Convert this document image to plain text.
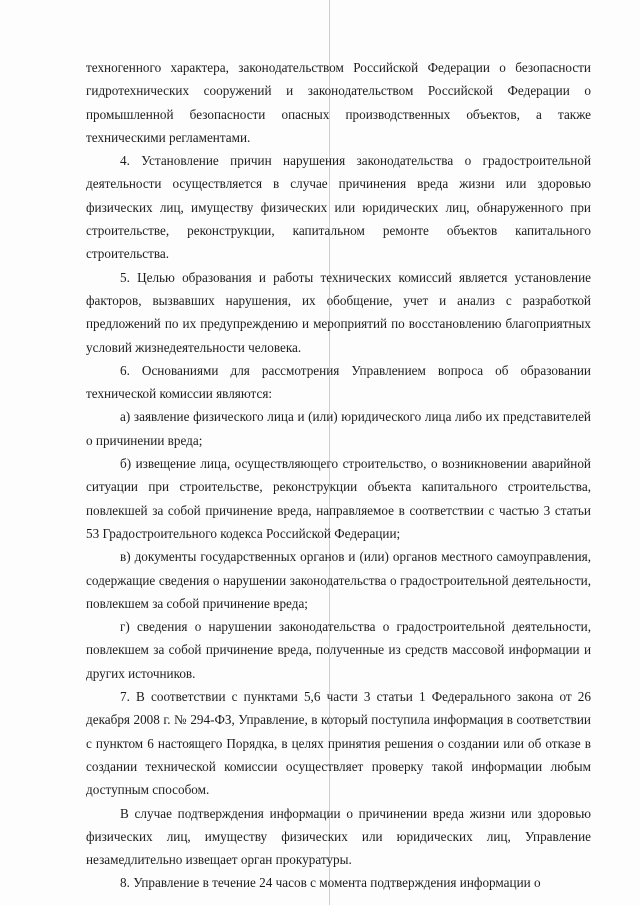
техногенного характера, законодательством Российской Федерации о безопасности гидротехнических сооружений и законодательством Российской Федерации о промышленной безопасности опасных производственных объектов, а также техническими регламентами.

4. Установление причин нарушения законодательства о градостроительной деятельности осуществляется в случае причинения вреда жизни или здоровью физических лиц, имуществу физических или юридических лиц, обнаруженного при строительстве, реконструкции, капитальном ремонте объектов капитального строительства.

5. Целью образования и работы технических комиссий является установление факторов, вызвавших нарушения, их обобщение, учет и анализ с разработкой предложений по их предупреждению и мероприятий по восстановлению благоприятных условий жизнедеятельности человека.

6. Основаниями для рассмотрения Управлением вопроса об образовании технической комиссии являются:

а) заявление физического лица и (или) юридического лица либо их представителей о причинении вреда;

б) извещение лица, осуществляющего строительство, о возникновении аварийной ситуации при строительстве, реконструкции объекта капитального строительства, повлекшей за собой причинение вреда, направляемое в соответствии с частью 3 статьи 53 Градостроительного кодекса Российской Федерации;

в) документы государственных органов и (или) органов местного самоуправления, содержащие сведения о нарушении законодательства о градостроительной деятельности, повлекшем за собой причинение вреда;

г) сведения о нарушении законодательства о градостроительной деятельности, повлекшем за собой причинение вреда, полученные из средств массовой информации и других источников.

7. В соответствии с пунктами 5,6 части 3 статьи 1 Федерального закона от 26 декабря 2008 г. № 294-ФЗ, Управление, в который поступила информация в соответствии с пунктом 6 настоящего Порядка, в целях принятия решения о создании или об отказе в создании технической комиссии осуществляет проверку такой информации любым доступным способом.

В случае подтверждения информации о причинении вреда жизни или здоровью физических лиц, имуществу физических или юридических лиц, Управление незамедлительно извещает орган прокуратуры.

8. Управление в течение 24 часов с момента подтверждения информации о
